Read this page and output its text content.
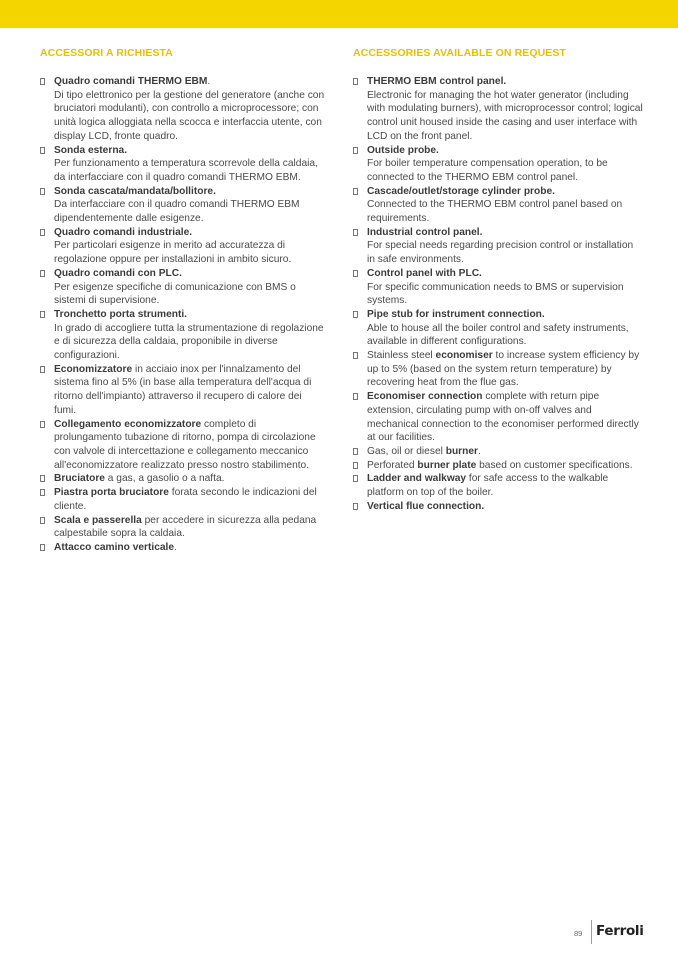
ACCESSORI A RICHIESTA
Quadro comandi THERMO EBM.
Di tipo elettronico per la gestione del generatore (anche con bruciatori modulanti), con controllo a microprocessore; con unità logica alloggiata nella scocca e interfaccia utente, con display LCD, fronte quadro.
Sonda esterna.
Per funzionamento a temperatura scorrevole della caldaia, da interfacciare con il quadro comandi THERMO EBM.
Sonda cascata/mandata/bollitore.
Da interfacciare con il quadro comandi THERMO EBM dipendentemente dalle esigenze.
Quadro comandi industriale.
Per particolari esigenze in merito ad accuratezza di regolazione oppure per installazioni in ambito sicuro.
Quadro comandi con PLC.
Per esigenze specifiche di comunicazione con BMS o sistemi di supervisione.
Tronchetto porta strumenti.
In grado di accogliere tutta la strumentazione di regolazione e di sicurezza della caldaia, proponibile in diverse configurazioni.
Economizzatore in acciaio inox per l'innalzamento del sistema fino al 5% (in base alla temperatura dell'acqua di ritorno dell'impianto) attraverso il recupero di calore dei fumi.
Collegamento economizzatore completo di prolungamento tubazione di ritorno, pompa di circolazione con valvole di intercettazione e collegamento meccanico all'economizzatore realizzato presso nostro stabilimento.
Bruciatore a gas, a gasolio o a nafta.
Piastra porta bruciatore forata secondo le indicazioni del cliente.
Scala e passerella per accedere in sicurezza alla pedana calpestabile sopra la caldaia.
Attacco camino verticale.
ACCESSORIES AVAILABLE ON REQUEST
THERMO EBM control panel.
Electronic for managing the hot water generator (including with modulating burners), with microprocessor control; logical control unit housed inside the casing and user interface with LCD on the front panel.
Outside probe.
For boiler temperature compensation operation, to be connected to the THERMO EBM control panel.
Cascade/outlet/storage cylinder probe.
Connected to the THERMO EBM control panel based on requirements.
Industrial control panel.
For special needs regarding precision control or installation in safe environments.
Control panel with PLC.
For specific communication needs to BMS or supervision systems.
Pipe stub for instrument connection.
Able to house all the boiler control and safety instruments, available in different configurations.
Stainless steel economiser to increase system efficiency by up to 5% (based on the system return temperature) by recovering heat from the flue gas.
Economiser connection complete with return pipe extension, circulating pump with on-off valves and mechanical connection to the economiser performed directly at our facilities.
Gas, oil or diesel burner.
Perforated burner plate based on customer specifications.
Ladder and walkway for safe access to the walkable platform on top of the boiler.
Vertical flue connection.
89 Ferroli
